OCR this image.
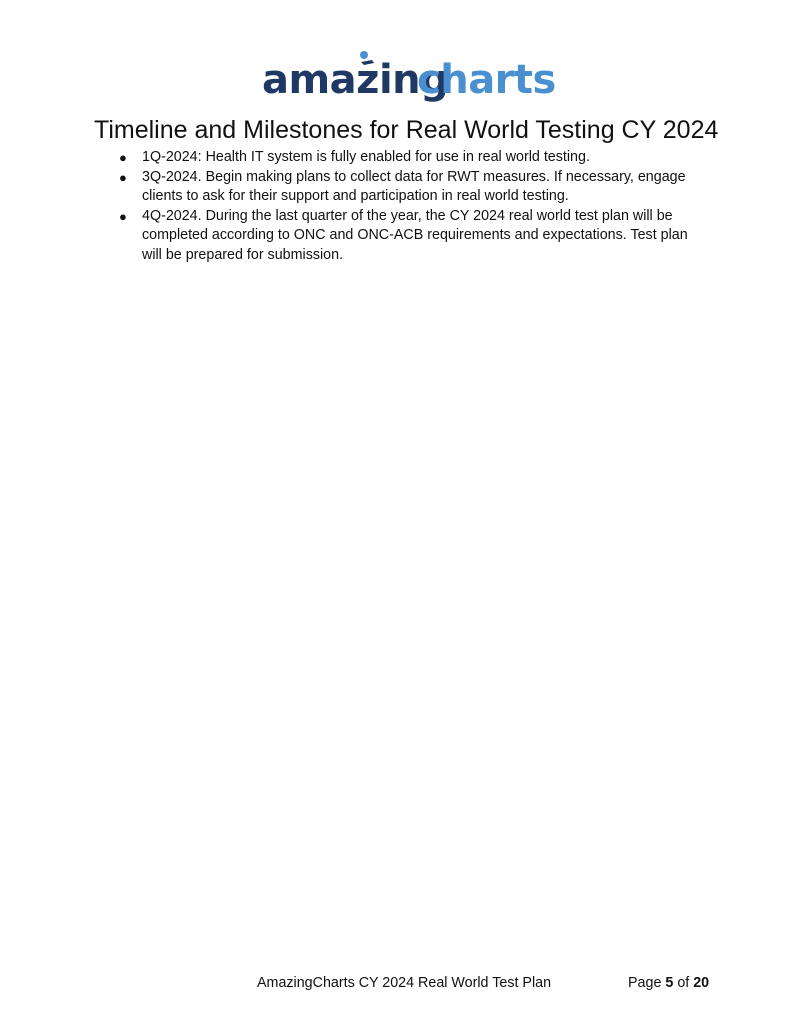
amazing
charts
Timeline and Milestones for Real World Testing CY 2024
● 1Q-2024: Health IT system is fully enabled for use in real world testing.
● 3Q-2024. Begin making plans to collect data for RWT measures. If necessary, engage clients to ask for their support and participation in real world testing.
● 4Q-2024. During the last quarter of the year, the CY 2024 real world test plan will be completed according to ONC and ONC-ACB requirements and expectations. Test plan will be prepared for submission.
AmazingCharts CY 2024 Real World Test Plan	Page 5 of 20
